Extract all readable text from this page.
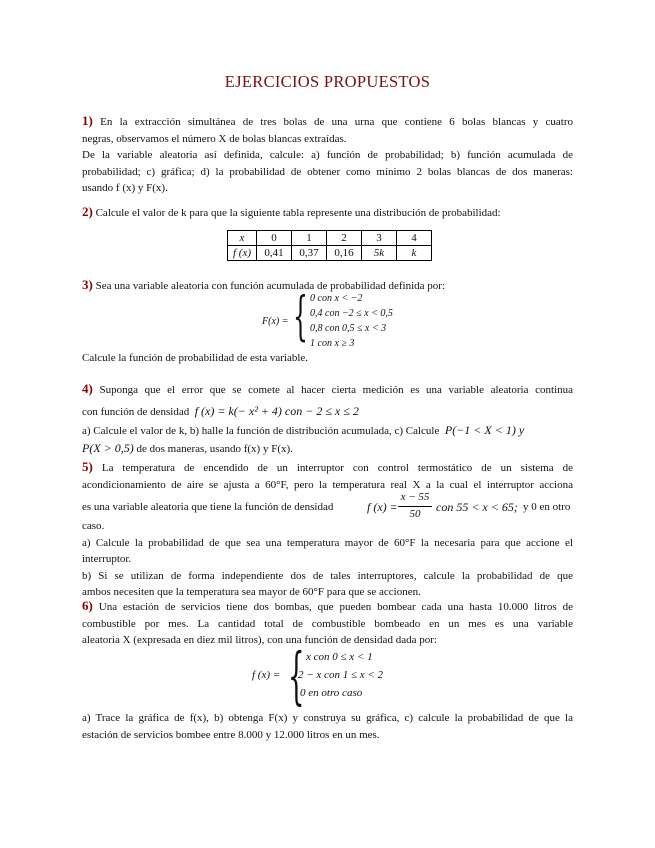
EJERCICIOS PROPUESTOS

1) En la extracción simultánea de tres bolas de una urna que contiene 6 bolas blancas y cuatro

negras, observamos el número X de bolas blancas extraídas.

De la variable aleatoria así definida, calcule: a) función de probabilidad; b) función acumulada de

probabilidad; c) gráfica; d) la probabilidad de obtener como mínimo 2 bolas blancas de dos maneras:

usando f (x) y F(x).

2) Calcule el valor de k para que la siguiente tabla represente una distribución de probabilidad:

x	0	1	2	3	4
f (x)	0,41	0,37	0,16	5k	k

3) Sea una variable aleatoria con función acumulada de probabilidad definida por:

F(x) = { 0 con x < −2
0,4 con −2 ≤ x < 0,5
0,8 con 0,5 ≤ x < 3
1 con x ≥ 3

Calcule la función de probabilidad de esta variable.

4) Suponga que el error que se comete al hacer cierta medición es una variable aleatoria continua

con función de densidad f (x) = k(− x² + 4) con − 2 ≤ x ≤ 2

a) Calcule el valor de k, b) halle la función de distribución acumulada, c) Calcule P(−1 < X < 1) y

P(X > 0,5) de dos maneras, usando f(x) y F(x).

5) La temperatura de encendido de un interruptor con control termostático de un sistema de

acondicionamiento de aire se ajusta a 60°F, pero la temperatura real X a la cual el interruptor acciona

es una variable aleatoria que tiene la función de densidad	f (x) =
x − 55
50	con 55 < x < 65; y 0 en otro

caso.

a) Calcule la probabilidad de que sea una temperatura mayor de 60°F la necesaria para que accione el

interruptor.

b) Si se utilizan de forma independiente dos de tales interruptores, calcule la probabilidad de que

ambos necesiten que la temperatura sea mayor de 60°F para que se accionen.

6) Una estación de servicios tiene dos bombas, que pueden bombear cada una hasta 10.000 litros de

combustible por mes. La cantidad total de combustible bombeado en un mes es una variable

aleatoria X (expresada en diez mil litros), con una función de densidad dada por:

f (x) = { x con 0 ≤ x < 1
2 − x con 1 ≤ x < 2
0 en otro caso

a) Trace la gráfica de f(x), b) obtenga F(x) y construya su gráfica, c) calcule la probabilidad de que la

estación de servicios bombee entre 8.000 y 12.000 litros en un mes.
